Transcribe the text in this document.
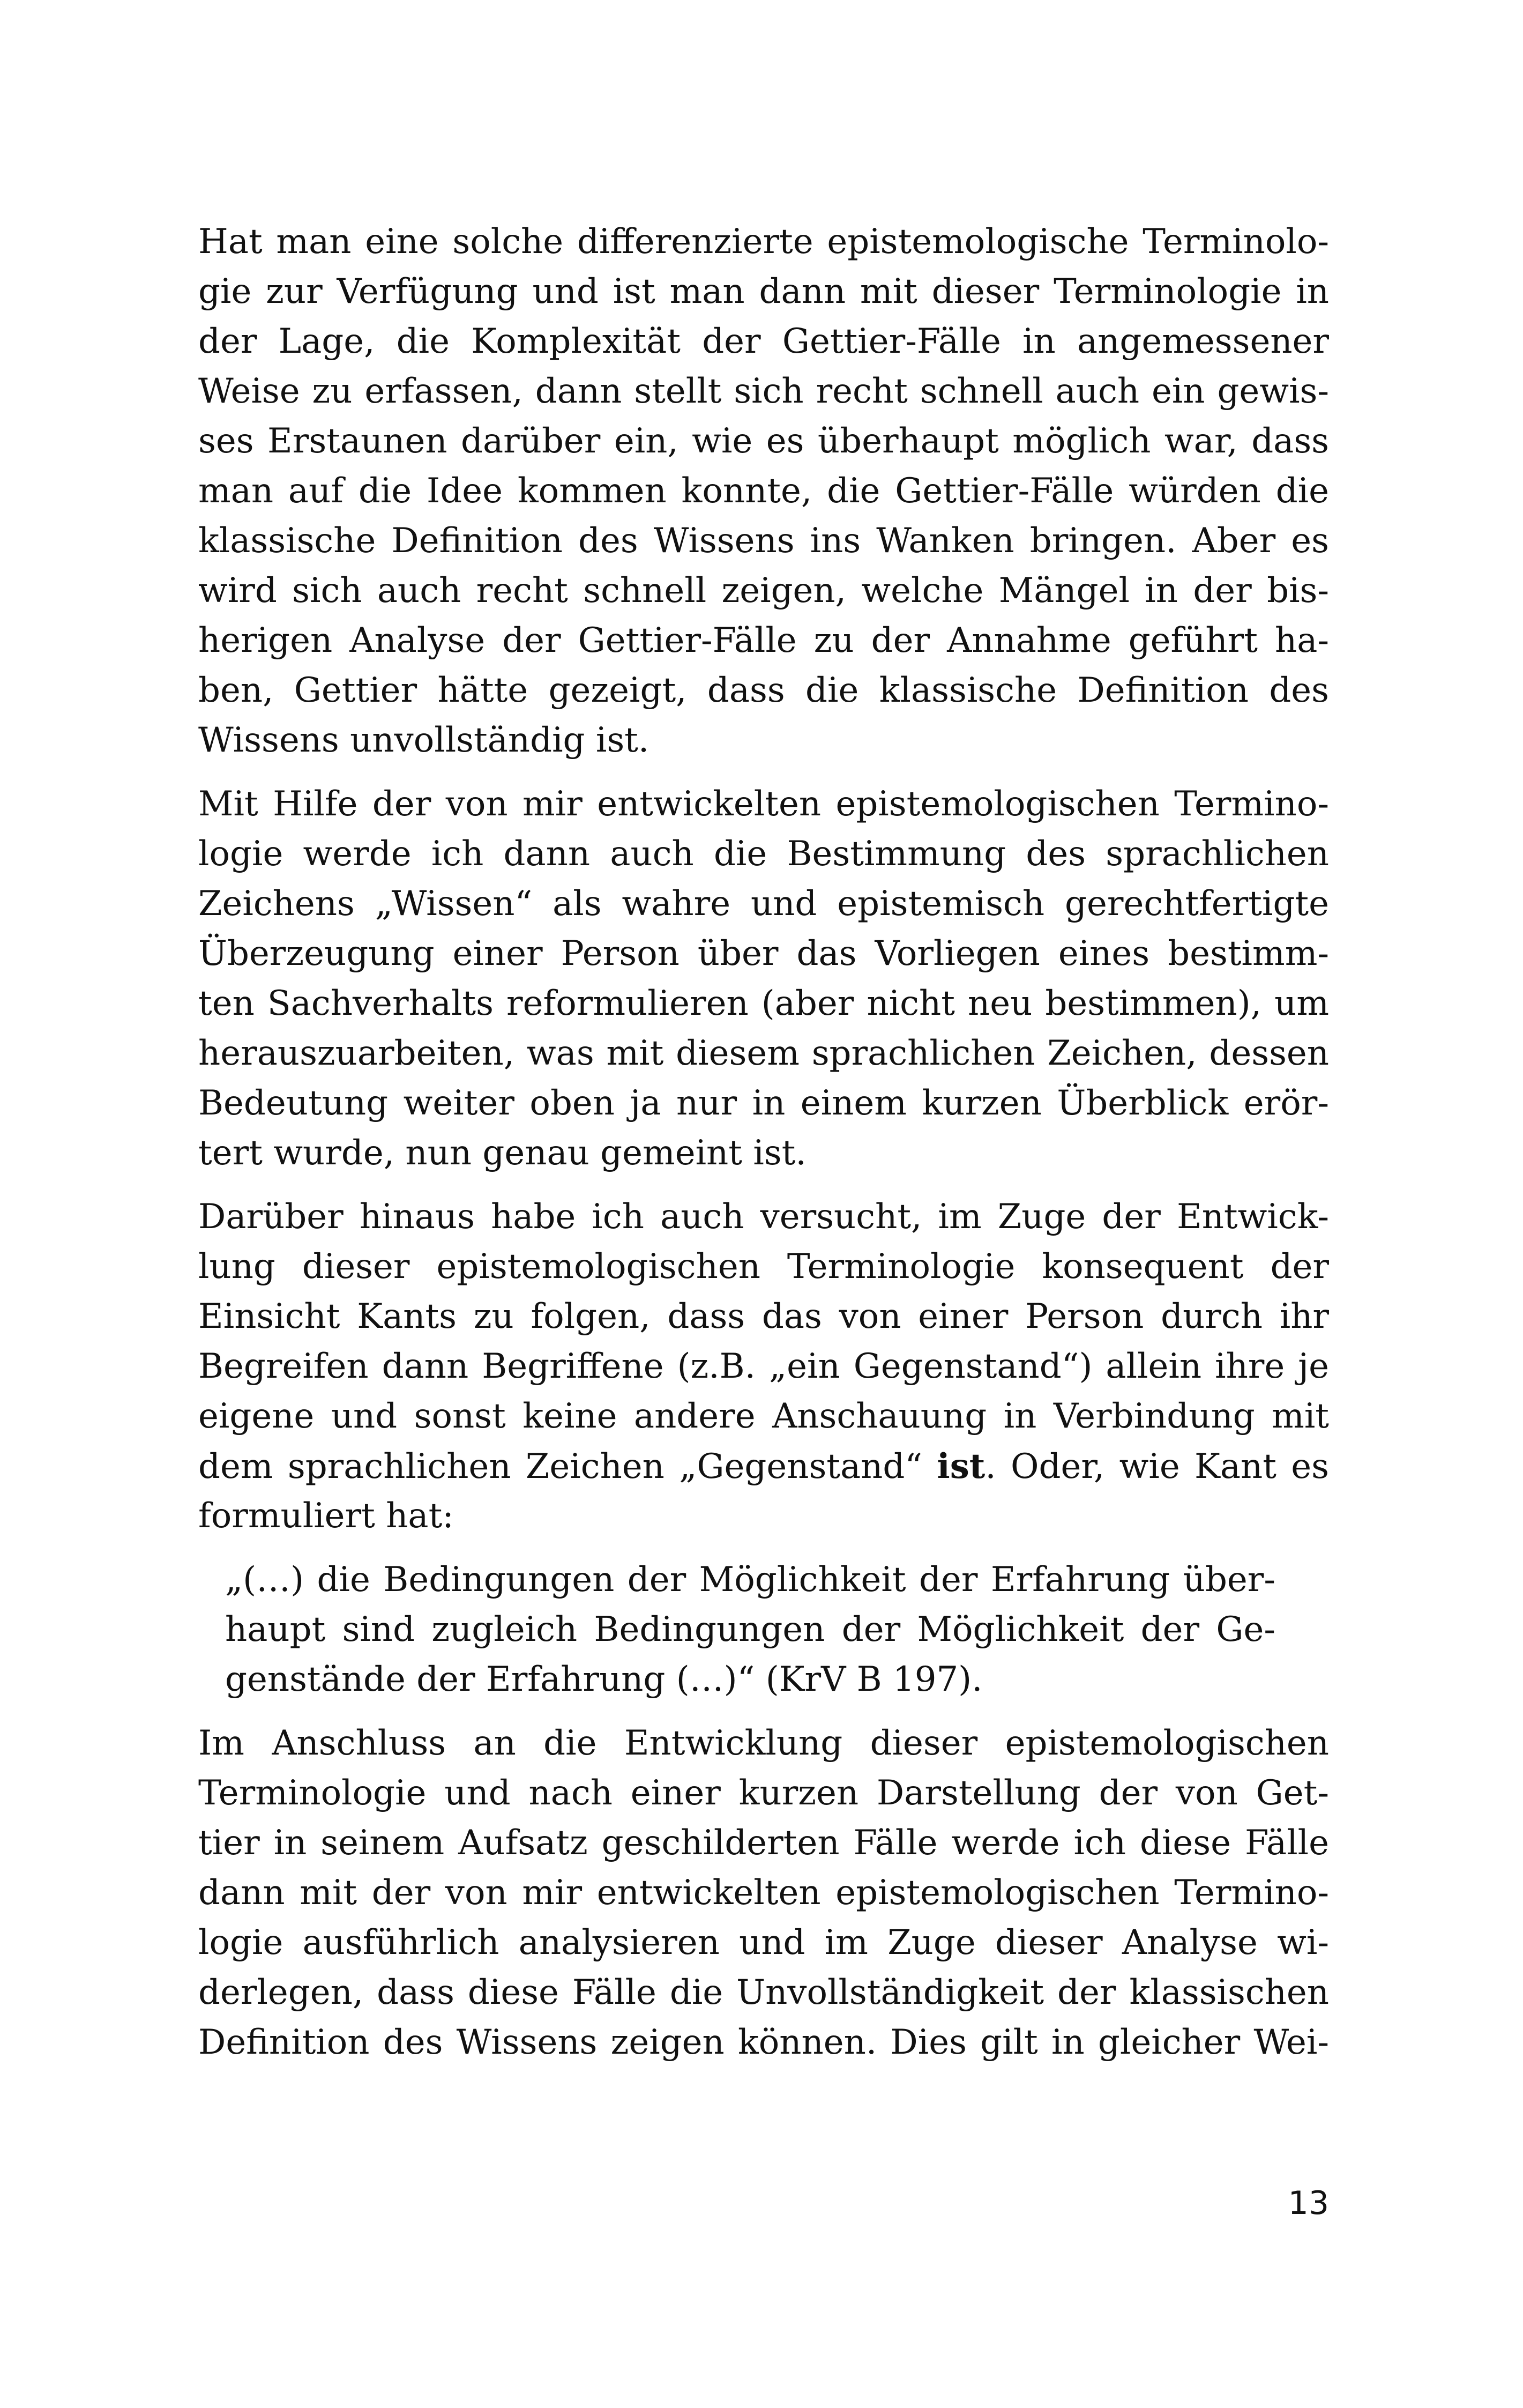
Hat man eine solche differenzierte epistemologische Terminolo-
gie zur Verfügung und ist man dann mit dieser Terminologie in
der Lage, die Komplexität der Gettier-Fälle in angemessener
Weise zu erfassen, dann stellt sich recht schnell auch ein gewis-
ses Erstaunen darüber ein, wie es überhaupt möglich war, dass
man auf die Idee kommen konnte, die Gettier-Fälle würden die
klassische Definition des Wissens ins Wanken bringen. Aber es
wird sich auch recht schnell zeigen, welche Mängel in der bis-
herigen Analyse der Gettier-Fälle zu der Annahme geführt ha-
ben, Gettier hätte gezeigt, dass die klassische Definition des
Wissens unvollständig ist.
Mit Hilfe der von mir entwickelten epistemologischen Termino-
logie werde ich dann auch die Bestimmung des sprachlichen
Zeichens „Wissen“ als wahre und epistemisch gerechtfertigte
Überzeugung einer Person über das Vorliegen eines bestimm-
ten Sachverhalts reformulieren (aber nicht neu bestimmen), um
herauszuarbeiten, was mit diesem sprachlichen Zeichen, dessen
Bedeutung weiter oben ja nur in einem kurzen Überblick erör-
tert wurde, nun genau gemeint ist.
Darüber hinaus habe ich auch versucht, im Zuge der Entwick-
lung dieser epistemologischen Terminologie konsequent der
Einsicht Kants zu folgen, dass das von einer Person durch ihr
Begreifen dann Begriffene (z.B. „ein Gegenstand“) allein ihre je
eigene und sonst keine andere Anschauung in Verbindung mit
dem sprachlichen Zeichen „Gegenstand“ ist. Oder, wie Kant es
formuliert hat:
„(…) die Bedingungen der Möglichkeit der Erfahrung über-
haupt sind zugleich Bedingungen der Möglichkeit der Ge-
genstände der Erfahrung (…)“ (KrV B 197).
Im Anschluss an die Entwicklung dieser epistemologischen
Terminologie und nach einer kurzen Darstellung der von Get-
tier in seinem Aufsatz geschilderten Fälle werde ich diese Fälle
dann mit der von mir entwickelten epistemologischen Termino-
logie ausführlich analysieren und im Zuge dieser Analyse wi-
derlegen, dass diese Fälle die Unvollständigkeit der klassischen
Definition des Wissens zeigen können. Dies gilt in gleicher Wei-
13
